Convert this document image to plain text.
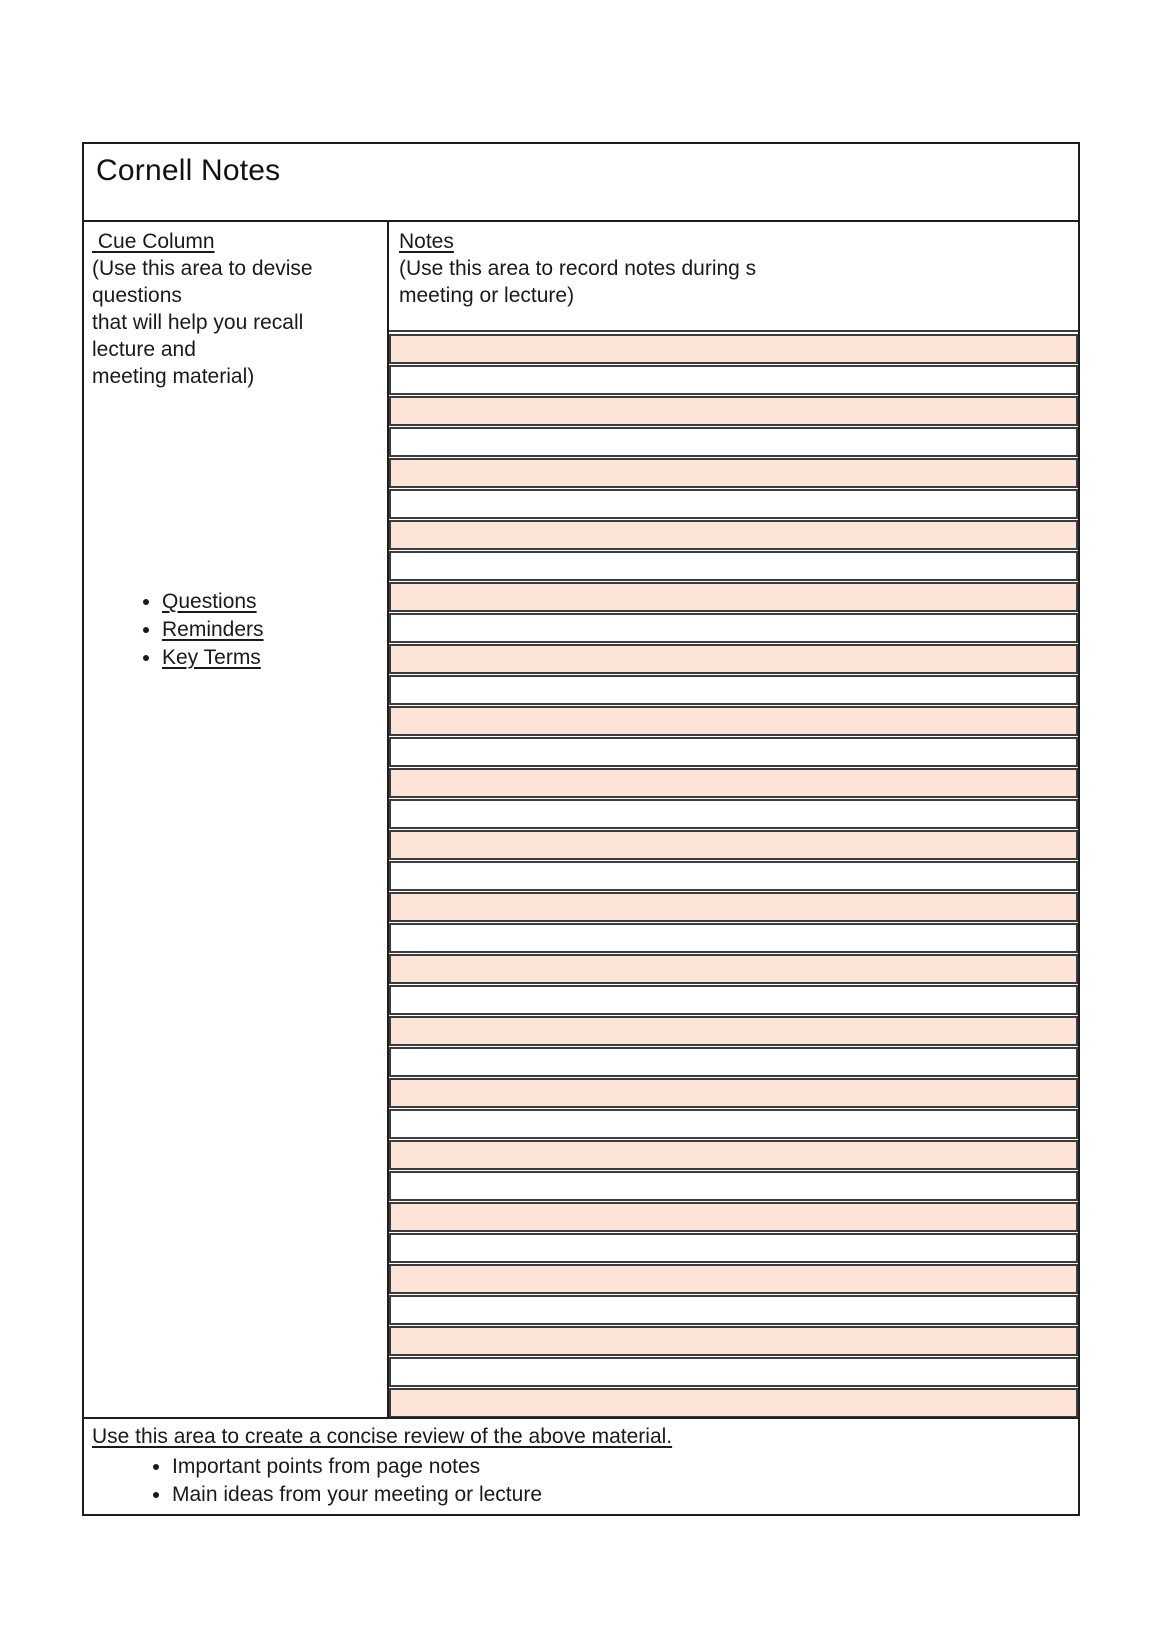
Cornell Notes
Cue Column
(Use this area to devise
questions
that will help you recall
lecture and
meeting material)
• Questions
• Reminders
• Key Terms
Notes
(Use this area to record notes during s
meeting or lecture)
Use this area to create a concise review of the above material.
• Important points from page notes
• Main ideas from your meeting or lecture
